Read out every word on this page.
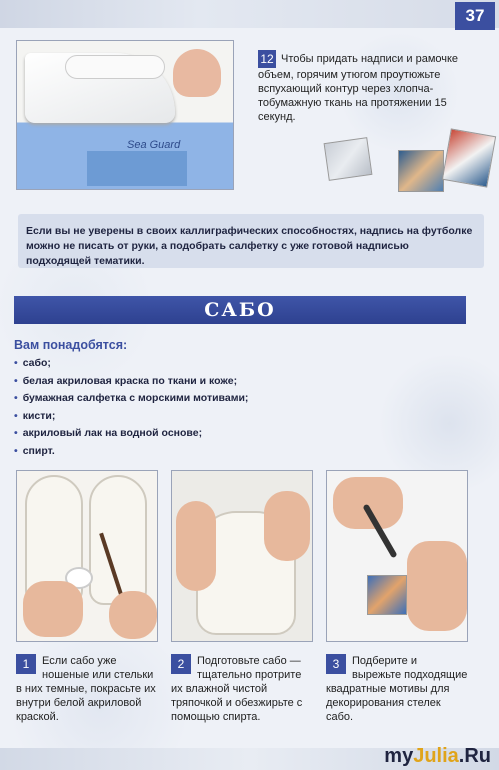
37
Sea Guard
12 Чтобы придать надписи и рамочке объем, горячим утюгом проутюжьте вспухающий контур через хлопча-тобумажную ткань на протяжении 15 секунд.
Если вы не уверены в своих каллиграфических способностях, надпись на футболке можно не писать от руки, а подобрать салфетку с уже готовой надписью подходящей тематики.
САБО
Вам понадобятся:
• сабо;
• белая акриловая краска по ткани и коже;
• бумажная салфетка с морскими мотивами;
• кисти;
• акриловый лак на водной основе;
• спирт.
1	Если сабо уже ношеные или стельки в них темные, покрасьте их внутри белой акриловой краской.
2	Подготовьте сабо — тщательно протрите их влажной чистой тряпочкой и обезжирьте с помощью спирта.
3	Подберите и вырежьте подходящие квадратные мотивы для декорирования стелек сабо.
myJulia.Ru
